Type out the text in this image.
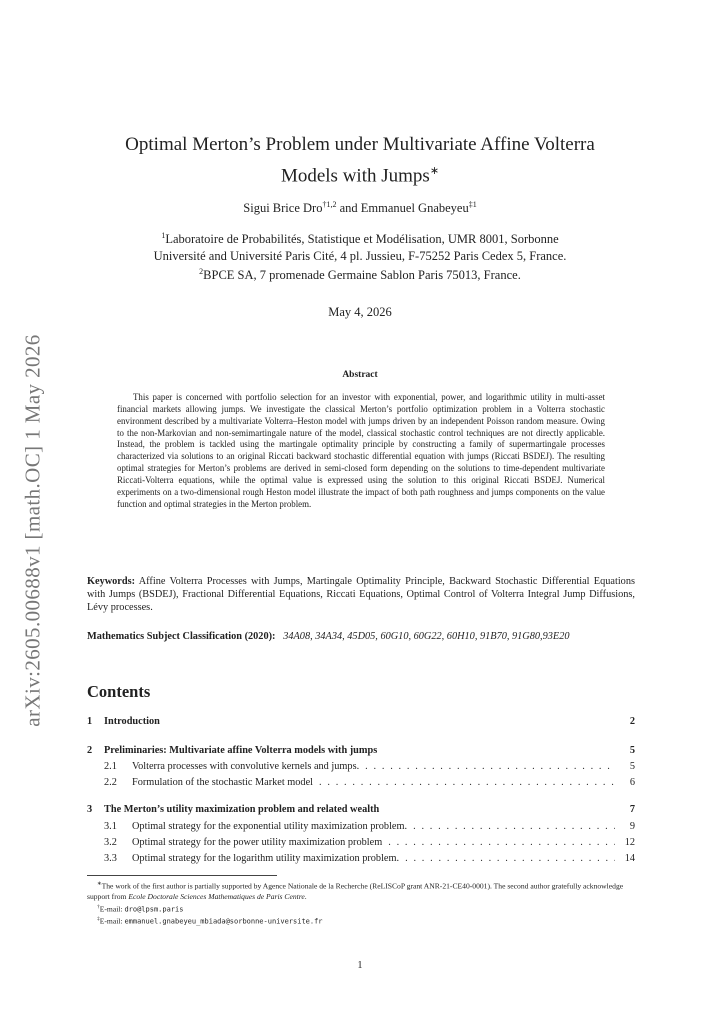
arXiv:2605.00688v1 [math.OC] 1 May 2026
Optimal Merton’s Problem under Multivariate Affine Volterra
Models with Jumps∗
Sigui Brice Dro$^{\dagger 1,2}$ and Emmanuel Gnabeyeu$^{\ddagger 1}$
$^1$Laboratoire de Probabilités, Statistique et Modélisation, UMR 8001, Sorbonne
Université and Université Paris Cité, 4 pl. Jussieu, F-75252 Paris Cedex 5, France.
$^2$BPCE SA, 7 promenade Germaine Sablon Paris 75013, France.
May 4, 2026
Abstract

This paper is concerned with portfolio selection for an investor with exponential, power, and logarithmic utility in multi-asset financial markets allowing jumps. We investigate the classical Merton’s portfolio optimization problem in a Volterra stochastic environment described by a multivariate Volterra–Heston model with jumps driven by an independent Poisson random measure. Owing to the non-Markovian and non-semimartingale nature of the model, classical stochastic control techniques are not directly applicable. Instead, the problem is tackled using the martingale optimality principle by constructing a family of supermartingale processes characterized via solutions to an original Riccati backward stochastic differential equation with jumps (Riccati BSDEJ). The resulting optimal strategies for Merton’s problems are derived in semi-closed form depending on the solutions to time-dependent multivariate Riccati-Volterra equations, while the optimal value is expressed using the solution to this original Riccati BSDEJ. Numerical experiments on a two-dimensional rough Heston model illustrate the impact of both path roughness and jumps components on the value function and optimal strategies in the Merton problem.

Keywords: Affine Volterra Processes with Jumps, Martingale Optimality Principle, Backward Stochastic Differential Equations with Jumps (BSDEJ), Fractional Differential Equations, Riccati Equations, Optimal Control of Volterra Integral Jump Diffusions, Lévy processes.

Mathematics Subject Classification (2020): 34A08, 34A34, 45D05, 60G10, 60G22, 60H10, 91B70, 91G80,93E20

Contents
1	Introduction	2
2	Preliminaries: Multivariate affine Volterra models with jumps	5
2.1	Volterra processes with convolutive kernels and jumps. . . .	5
2.2	Formulation of the stochastic Market model . . .	6
3	The Merton’s utility maximization problem and related wealth	7
3.1	Optimal strategy for the exponential utility maximization problem. . . .	9
3.2	Optimal strategy for the power utility maximization problem . . .	12
3.3	Optimal strategy for the logarithm utility maximization problem. . . .	14

∗The work of the first author is partially supported by Agence Nationale de la Recherche (ReLISCoP grant ANR-21-CE40-0001). The second author gratefully acknowledge support from Ecole Doctorale Sciences Mathematiques de Paris Centre.

†E-mail: dro@lpsm.paris

‡E-mail: emmanuel.gnabeyeu_mbiada@sorbonne-universite.fr

1
